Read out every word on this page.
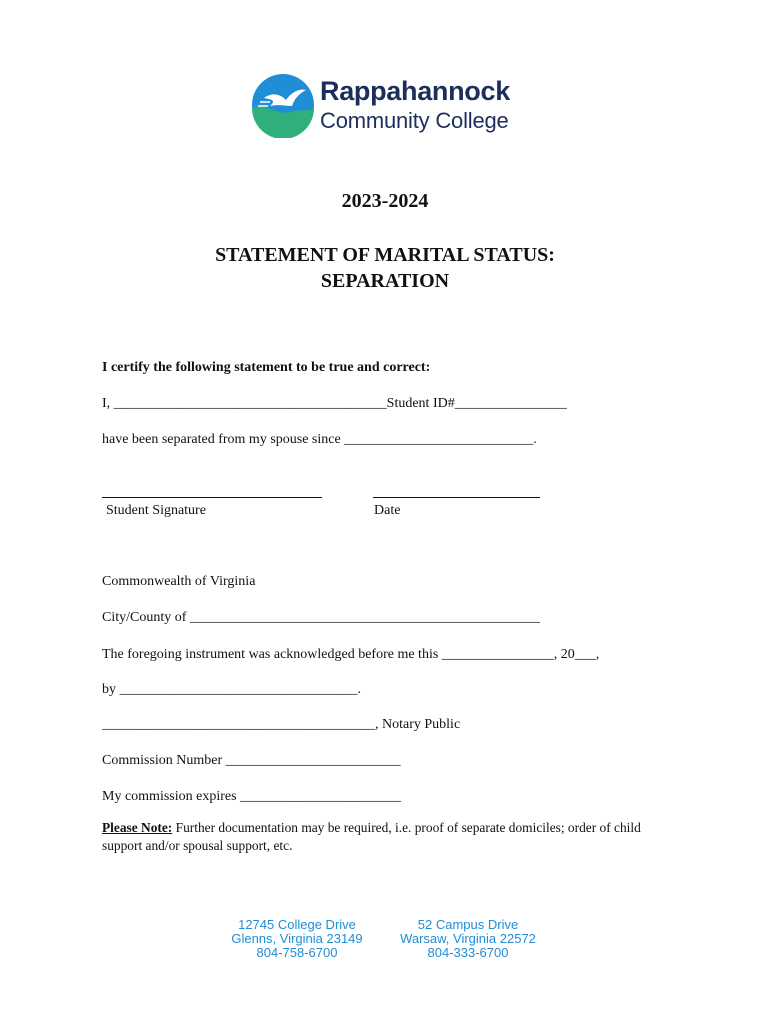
Rappahannock
Community College
2023-2024
STATEMENT OF MARITAL STATUS:
SEPARATION
I certify the following statement to be true and correct:
I, _______________________________________Student ID#________________
have been separated from my spouse since ___________________________.
Student Signature	Date
Commonwealth of Virginia
City/County of __________________________________________________
The foregoing instrument was acknowledged before me this ________________, 20___,
by __________________________________.
_______________________________________, Notary Public
Commission Number _________________________
My commission expires _______________________
Please Note: Further documentation may be required, i.e. proof of separate domiciles; order of child support and/or spousal support, etc.
12745 College Drive
Glenns, Virginia 23149
804-758-6700
52 Campus Drive
Warsaw, Virginia 22572
804-333-6700
